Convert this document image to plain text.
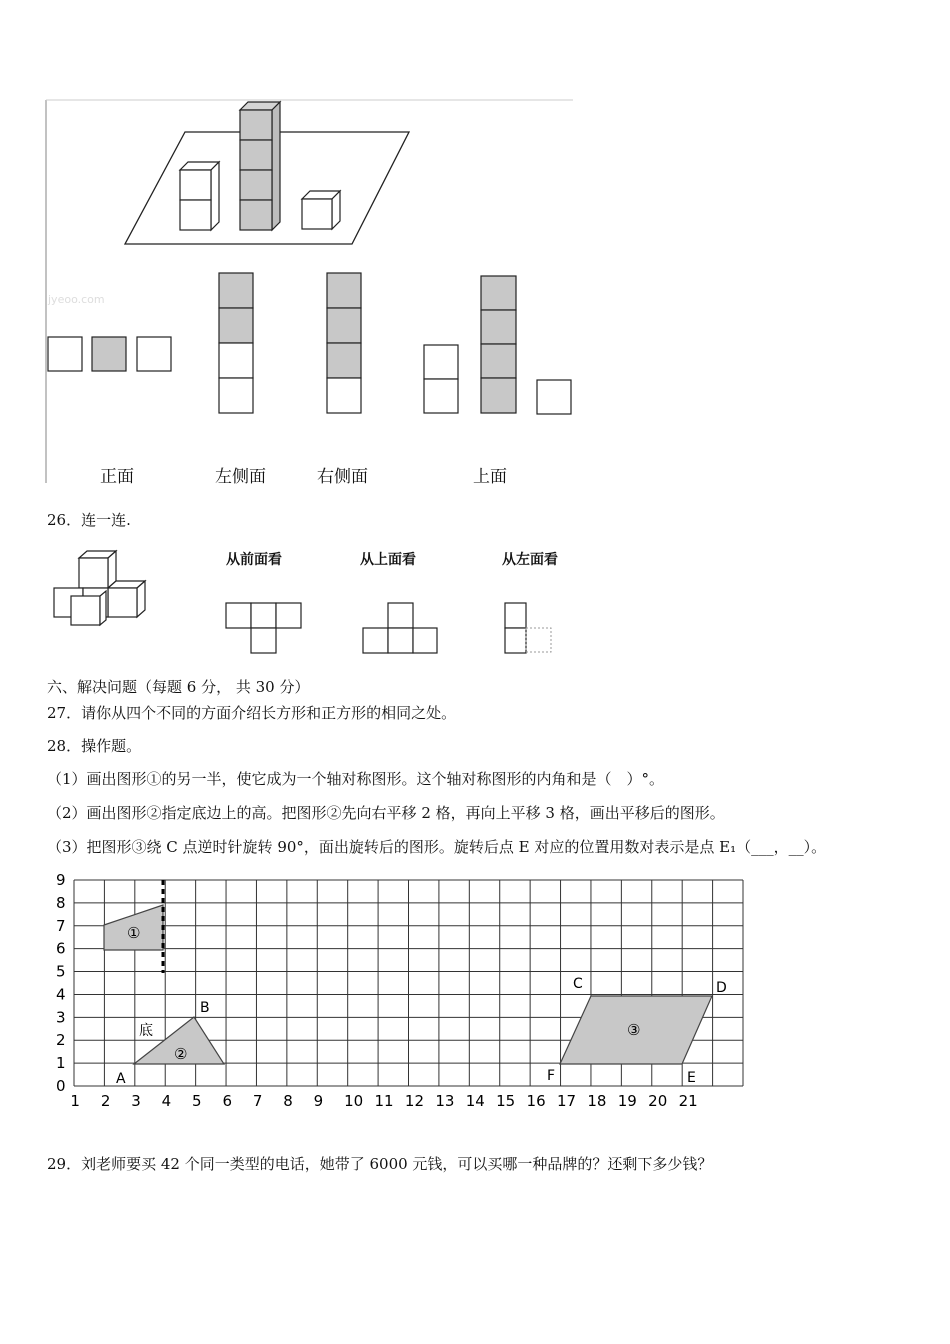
jyeoo.com
正面	左侧面	右侧面	上面
26．连一连.
从前面看	从上面看	从左面看
六、解决问题（每题 6 分， 共 30 分）
27．请你从四个不同的方面介绍长方形和正方形的相同之处。
28．操作题。
（1）画出图形①的另一半，使它成为一个轴对称图形。这个轴对称图形的内角和是（　）°。
（2）画出图形②指定底边上的高。把图形②先向右平移 2 格，再向上平移 3 格，画出平移后的图形。
（3）把图形③绕 C 点逆时针旋转 90°，面出旋转后的图形。旋转后点 E 对应的位置用数对表示是点 E₁（___，__）。
①
②
③
A
B
C	D
E
F
底
1 2 3 4 5 6 7 8 9 10 11 12 13 14 15 16 17 18 19 20 21
0
1
2
3
4
5
6
7
8
9
29．刘老师要买 42 个同一类型的电话，她带了 6000 元钱，可以买哪一种品牌的？还剩下多少钱？
